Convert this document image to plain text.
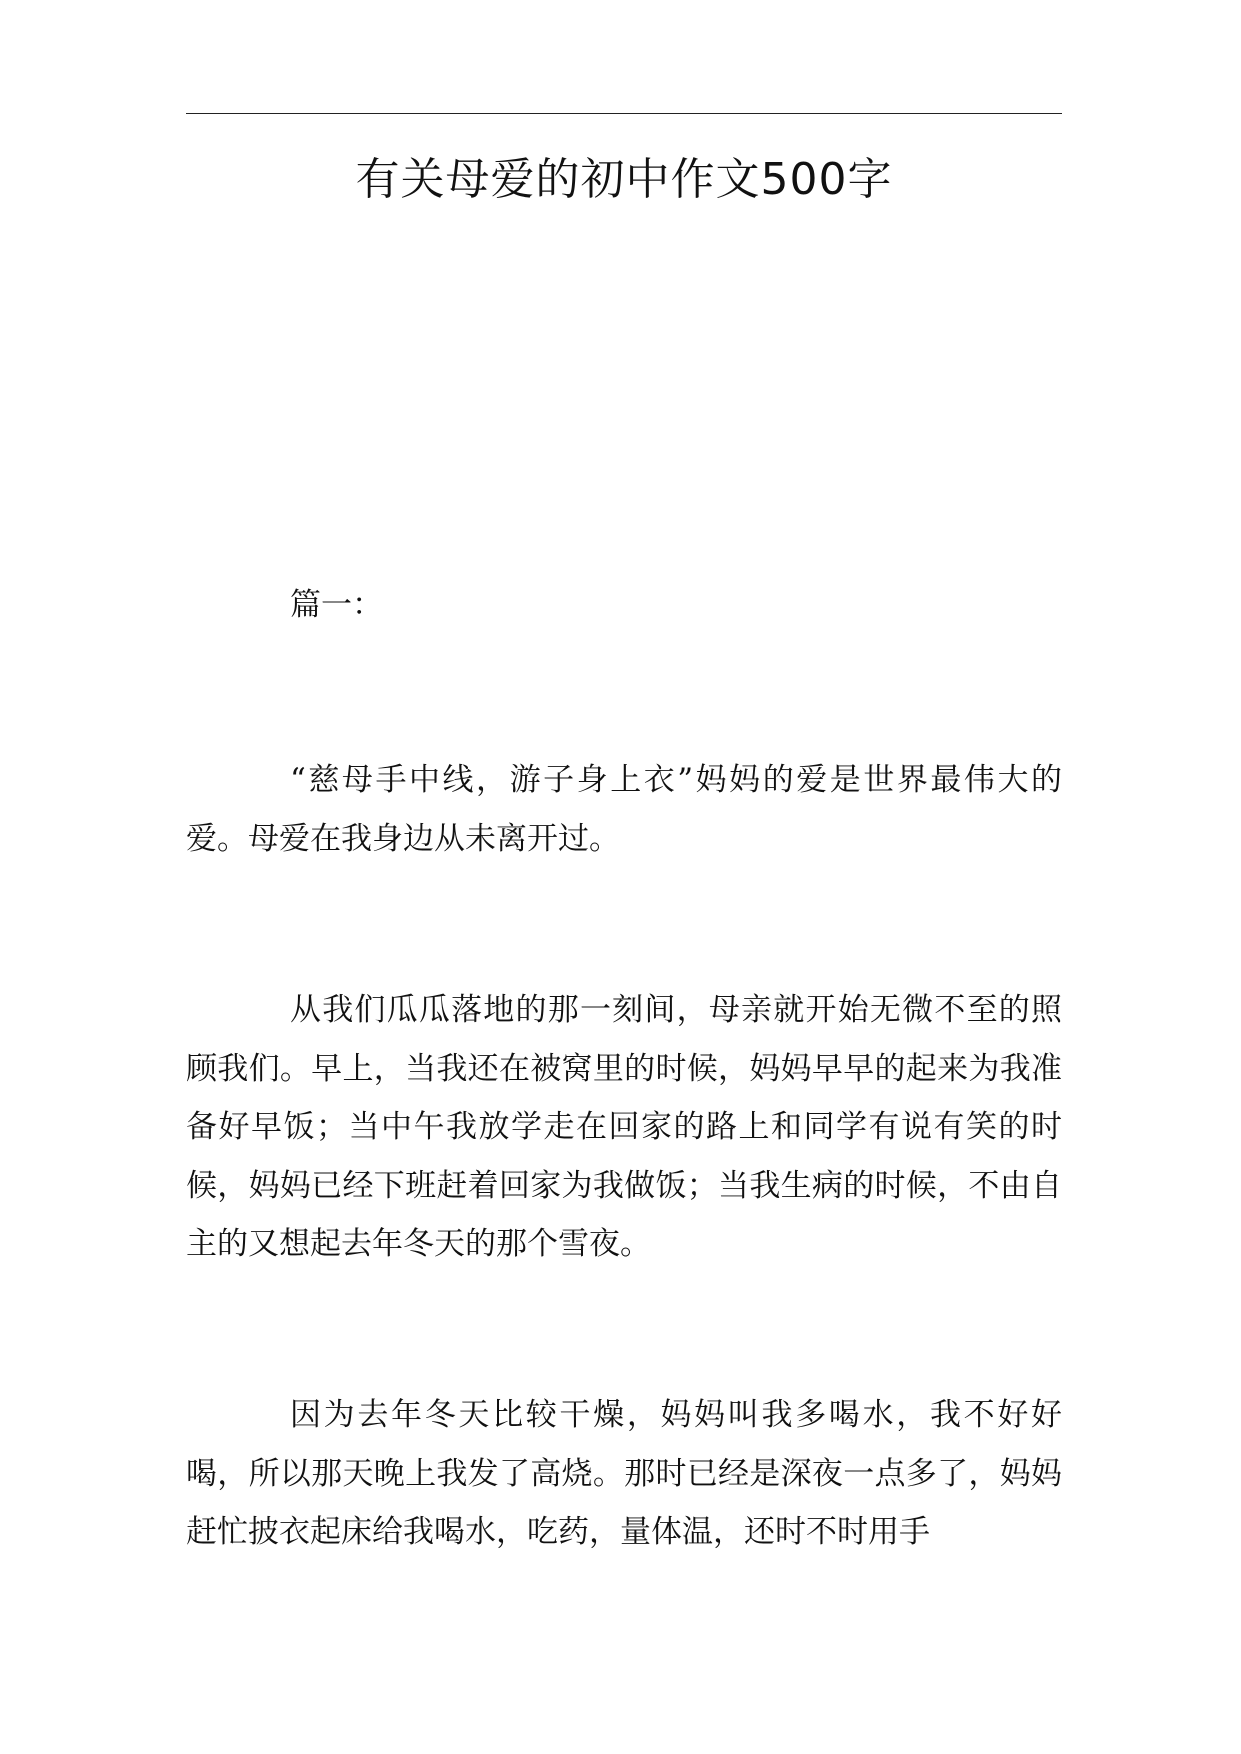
有关母爱的初中作文500字
篇一：

“慈母手中线，游子身上衣”妈妈的爱是世界最伟大的爱。母爱在我身边从未离开过。

从我们瓜瓜落地的那一刻间，母亲就开始无微不至的照顾我们。早上，当我还在被窝里的时候，妈妈早早的起来为我准备好早饭；当中午我放学走在回家的路上和同学有说有笑的时候，妈妈已经下班赶着回家为我做饭；当我生病的时候，不由自主的又想起去年冬天的那个雪夜。

因为去年冬天比较干燥，妈妈叫我多喝水，我不好好喝，所以那天晚上我发了高烧。那时已经是深夜一点多了，妈妈赶忙披衣起床给我喝水，吃药，量体温，还时不时用手
